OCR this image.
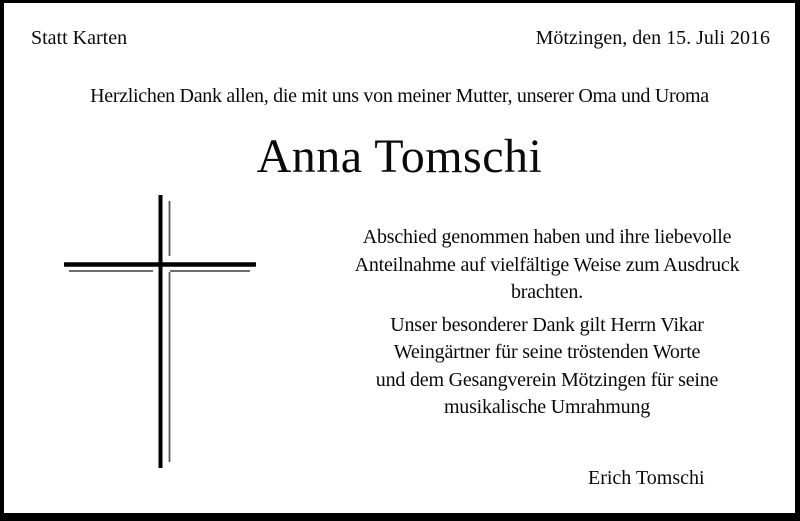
Statt Karten	Mötzingen, den 15. Juli 2016
Herzlichen Dank allen, die mit uns von meiner Mutter, unserer Oma und Uroma
Anna Tomschi

Abschied genommen haben und ihre liebevolle
Anteilnahme auf vielfältige Weise zum Ausdruck
brachten.

Unser besonderer Dank gilt Herrn Vikar
Weingärtner für seine tröstenden Worte
und dem Gesangverein Mötzingen für seine
musikalische Umrahmung

Erich Tomschi
